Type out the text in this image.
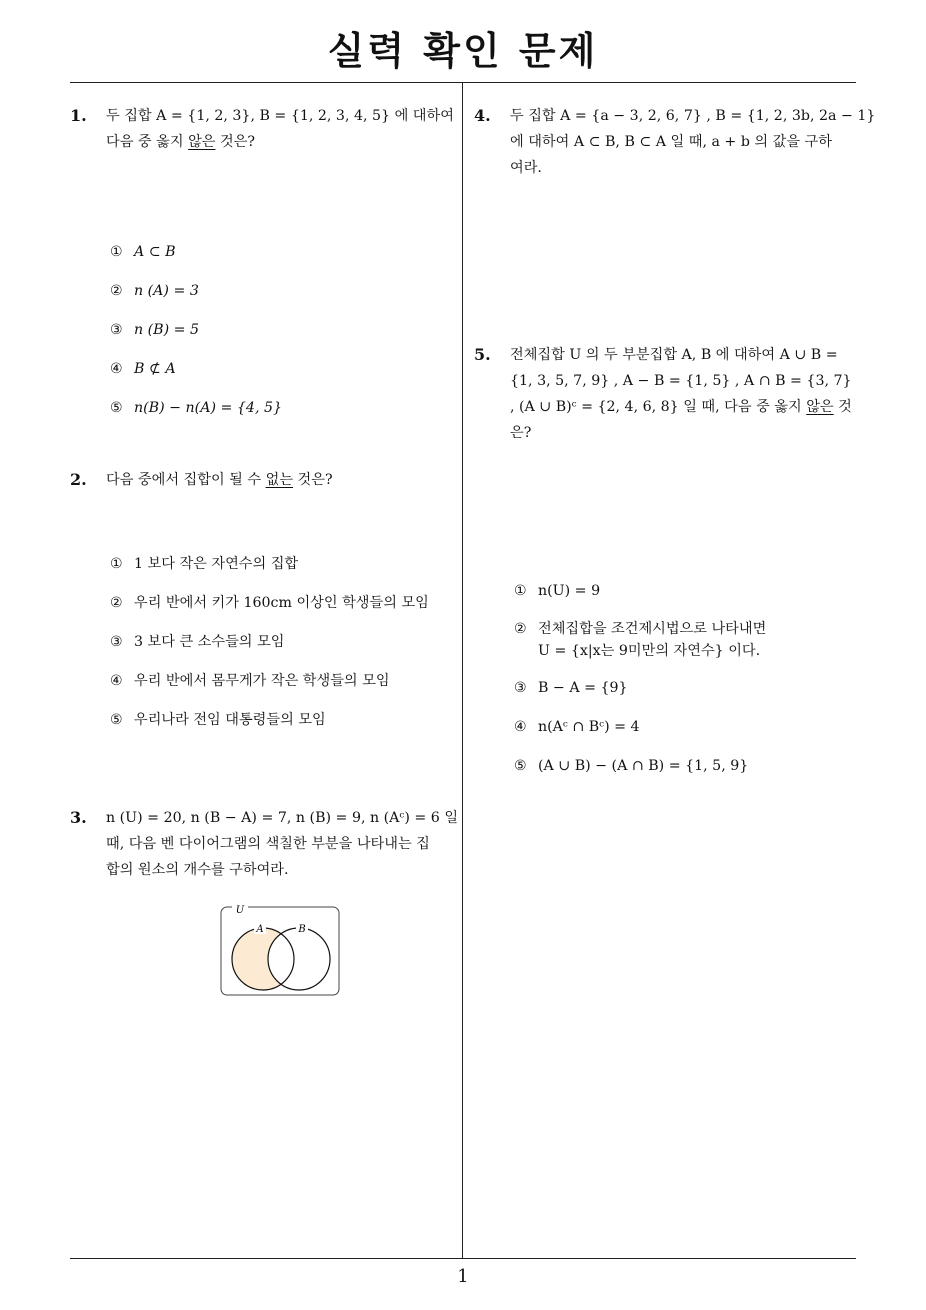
실력 확인 문제
1. 두 집합 A = {1, 2, 3}, B = {1, 2, 3, 4, 5} 에 대하여
다음 중 옳지 않은 것은?
① A ⊂ B
② n (A) = 3
③ n (B) = 5
④ B ⊄ A
⑤ n(B) − n(A) = {4, 5}
2. 다음 중에서 집합이 될 수 없는 것은?
① 1 보다 작은 자연수의 집합
② 우리 반에서 키가 160cm 이상인 학생들의 모임
③ 3 보다 큰 소수들의 모임
④ 우리 반에서 몸무게가 작은 학생들의 모임
⑤ 우리나라 전임 대통령들의 모임
3. n (U) = 20, n (B − A) = 7, n (B) = 9, n (Aᶜ) = 6 일
때, 다음 벤 다이어그램의 색칠한 부분을 나타내는 집
합의 원소의 개수를 구하여라.
U
A	B
4. 두 집합 A = {a − 3, 2, 6, 7} , B = {1, 2, 3b, 2a − 1}
에 대하여 A ⊂ B, B ⊂ A 일 때, a + b 의 값을 구하
여라.
5. 전체집합 U 의 두 부분집합 A, B 에 대하여 A ∪ B =
{1, 3, 5, 7, 9} , A − B = {1, 5} , A ∩ B = {3, 7}
, (A ∪ B)ᶜ = {2, 4, 6, 8} 일 때, 다음 중 옳지 않은 것
은?
① n(U) = 9
② 전체집합을 조건제시법으로 나타내면
U = {x|x는 9미만의 자연수} 이다.
③ B − A = {9}
④ n(Aᶜ ∩ Bᶜ) = 4
⑤ (A ∪ B) − (A ∩ B) = {1, 5, 9}
1
